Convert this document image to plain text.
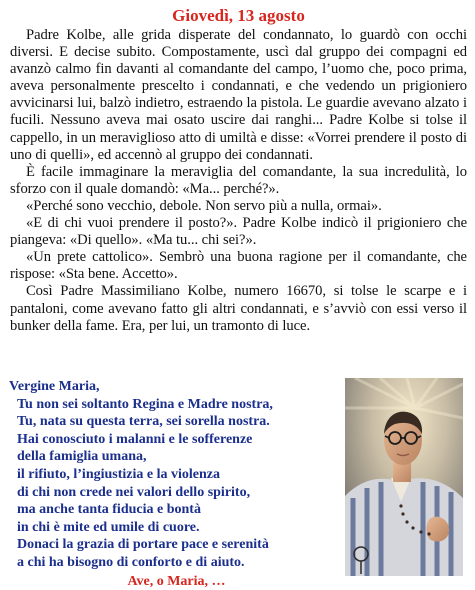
Giovedì, 13 agosto

Padre Kolbe, alle grida disperate del condannato, lo guardò con occhi diversi. E decise subito. Compostamente, uscì dal gruppo dei compagni ed avanzò calmo fin davanti al comandante del campo, l’uomo che, poco prima, aveva personalmente prescelto i condannati, e che vedendo un prigioniero avvicinarsi lui, balzò indietro, estraendo la pistola. Le guardie avevano alzato i fucili. Nessuno aveva mai osato uscire dai ranghi... Padre Kolbe si tolse il cappello, in un meraviglioso atto di umiltà e disse: «Vorrei prendere il posto di uno di quelli», ed accennò al gruppo dei condannati.

È facile immaginare la meraviglia del comandante, la sua incredulità, lo sforzo con il quale domandò: «Ma... perché?».

«Perché sono vecchio, debole. Non servo più a nulla, ormai».

«E di chi vuoi prendere il posto?». Padre Kolbe indicò il prigioniero che piangeva: «Di quello». «Ma tu... chi sei?».

«Un prete cattolico». Sembrò una buona ragione per il comandante, che rispose: «Sta bene. Accetto».

Così Padre Massimiliano Kolbe, numero 16670, si tolse le scarpe e i pantaloni, come avevano fatto gli altri condannati, e s’avviò con essi verso il bunker della fame. Era, per lui, un tramonto di luce.

Vergine Maria,
Tu non sei soltanto Regina e Madre nostra,
Tu, nata su questa terra, sei sorella nostra.
Hai conosciuto i malanni e le sofferenze
della famiglia umana,
il rifiuto, l’ingiustizia e la violenza
di chi non crede nei valori dello spirito,
ma anche tanta fiducia e bontà
in chi è mite ed umile di cuore.
Donaci la grazia di portare pace e serenità
a chi ha bisogno di conforto e di aiuto.
Ave, o Maria, …
